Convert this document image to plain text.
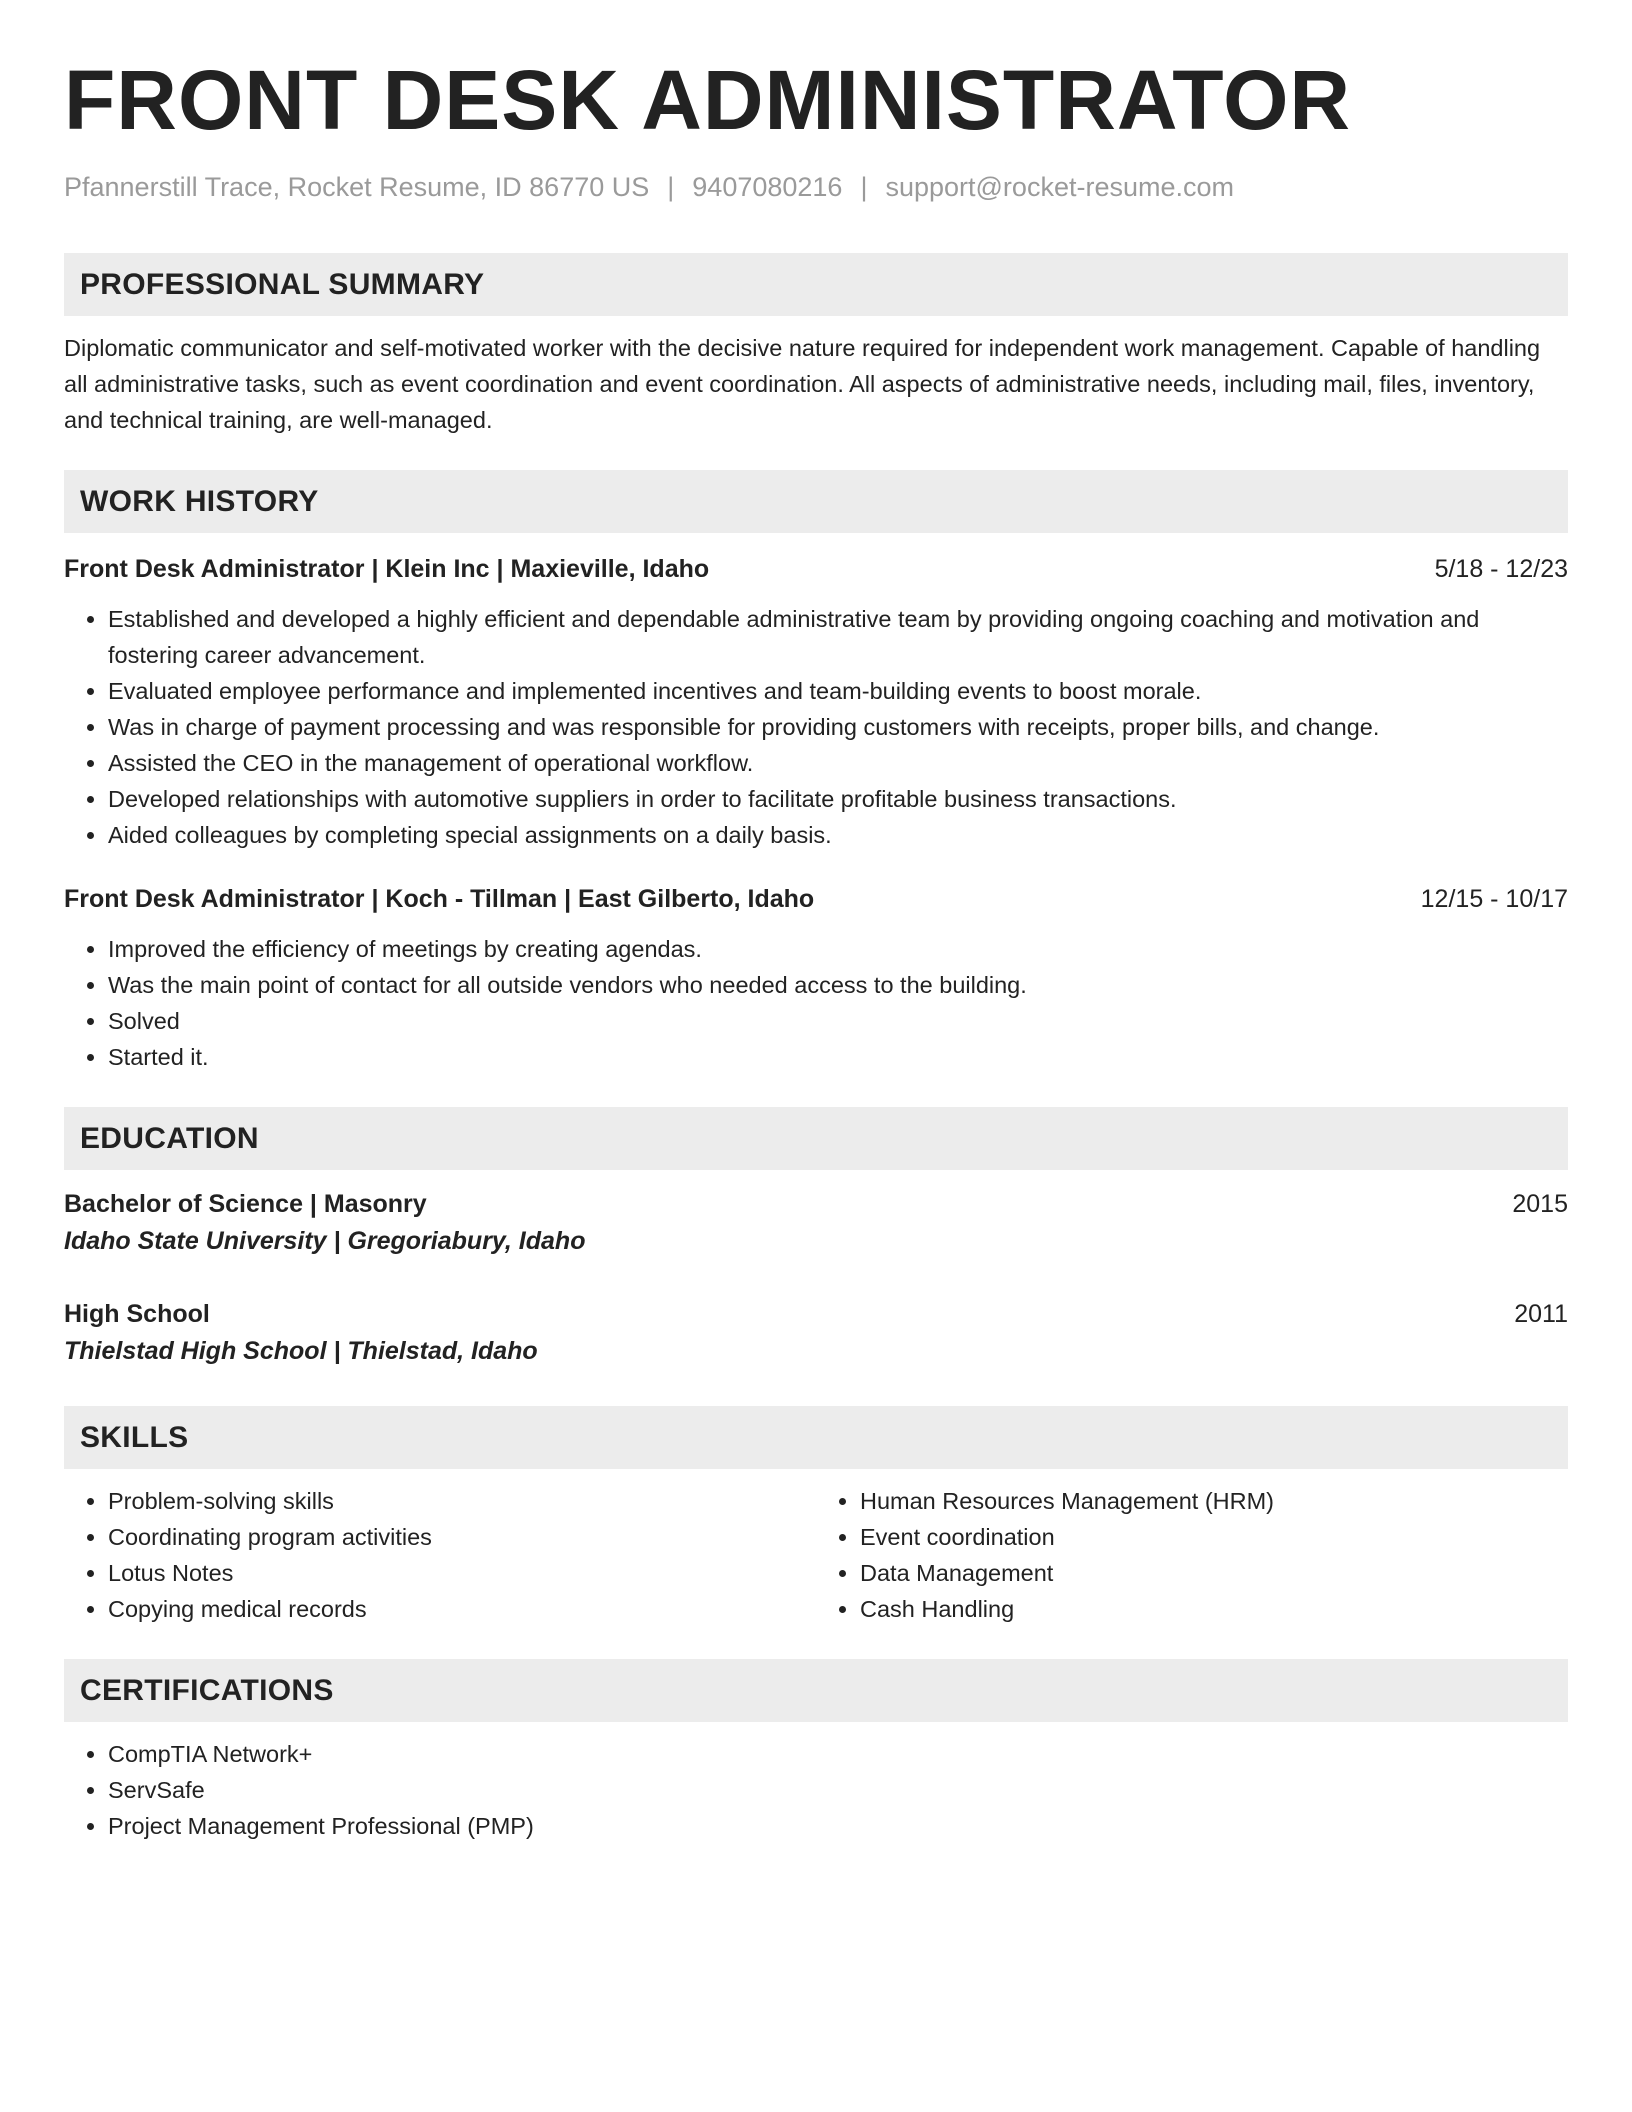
FRONT DESK ADMINISTRATOR
Pfannerstill Trace, Rocket Resume, ID 86770 US | 9407080216 | support@rocket-resume.com
PROFESSIONAL SUMMARY

Diplomatic communicator and self-motivated worker with the decisive nature required for independent work management. Capable of handling all administrative tasks, such as event coordination and event coordination. All aspects of administrative needs, including mail, files, inventory, and technical training, are well-managed.

WORK HISTORY
Front Desk Administrator | Klein Inc | Maxieville, Idaho	5/18 - 12/23
• Established and developed a highly efficient and dependable administrative team by providing ongoing coaching and motivation and fostering career advancement.
• Evaluated employee performance and implemented incentives and team-building events to boost morale.
• Was in charge of payment processing and was responsible for providing customers with receipts, proper bills, and change.
• Assisted the CEO in the management of operational workflow.
• Developed relationships with automotive suppliers in order to facilitate profitable business transactions.
• Aided colleagues by completing special assignments on a daily basis.
Front Desk Administrator | Koch - Tillman | East Gilberto, Idaho	12/15 - 10/17
• Improved the efficiency of meetings by creating agendas.
• Was the main point of contact for all outside vendors who needed access to the building.
• Solved
• Started it.
EDUCATION
Bachelor of Science | Masonry	2015
Idaho State University | Gregoriabury, Idaho
High School	2011
Thielstad High School | Thielstad, Idaho
SKILLS
• Problem-solving skills
• Coordinating program activities
• Lotus Notes
• Copying medical records
• Human Resources Management (HRM)
• Event coordination
• Data Management
• Cash Handling
CERTIFICATIONS
• CompTIA Network+
• ServSafe
• Project Management Professional (PMP)
